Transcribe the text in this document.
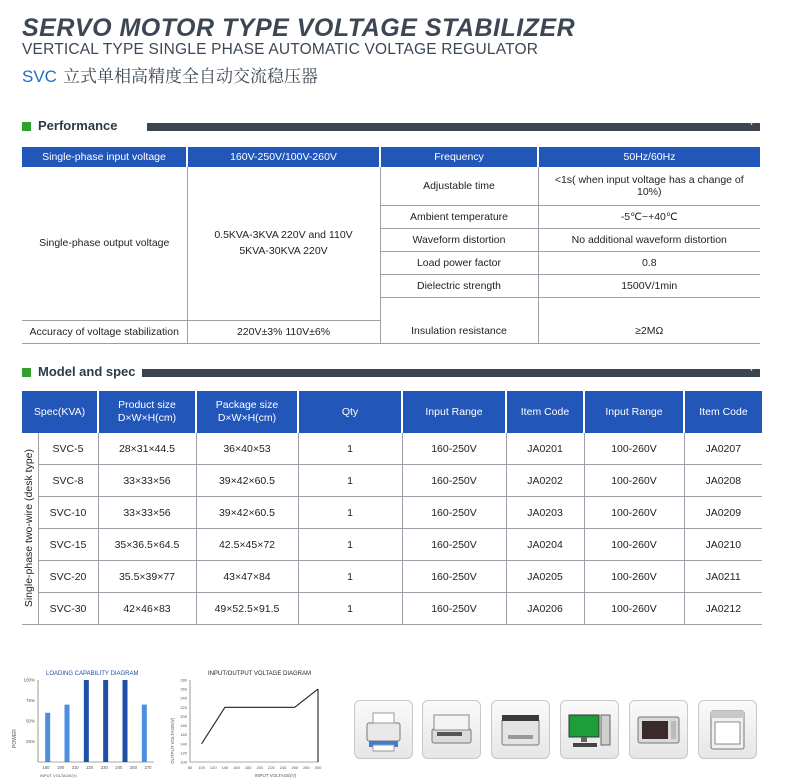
SERVO MOTOR TYPE VOLTAGE STABILIZER
VERTICAL TYPE SINGLE PHASE AUTOMATIC VOLTAGE REGULATOR
SVC 立式单相高精度全自动交流稳压器
Performance	+
Single-phase input voltage	160V-250V/100V-260V	Frequency	50Hz/60Hz
Single-phase output voltage	0.5KVA-3KVA 220V and 110V
5KVA-30KVA 220V	Adjustable time	<1s( when input voltage has a change of 10%)
		Ambient temperature	-5℃~+40℃
		Waveform distortion	No additional waveform distortion
		Load power factor	0.8
		Dielectric strength	1500V/1min

Accuracy of voltage stabilization	220V±3% 110V±6%	Insulation resistance	≥2MΩ
Model and spec	+
Spec(KVA)		Product size D×W×H(cm)	Package size D×W×H(cm)	Qty	Input Range	Item Code	Input Range	Item Code

Single-phase two-wire (desk type)	SVC-5	28×31×44.5	36×40×53	1	160-250V	JA0201	100-260V	JA0207
	SVC-8	33×33×56	39×42×60.5	1	160-250V	JA0202	100-260V	JA0208
	SVC-10	33×33×56	39×42×60.5	1	160-250V	JA0203	100-260V	JA0209
	SVC-15	35×36.5×64.5	42.5×45×72	1	160-250V	JA0204	100-260V	JA0210
	SVC-20	35.5×39×77	43×47×84	1	160-250V	JA0205	100-260V	JA0211
	SVC-30	42×46×83	49×52.5×91.5	1	160-250V	JA0206	100-260V	JA0212
LOADING CAPABILITY DIAGRAM
POWER
INPUT VOLTAGE(V)
100%
75%
50%
25%
160 190 210 220 230 240 250 270
INPUT/OUTPUT VOLTAGE DIAGRAM
OUTPUT VOLTAGE(V)
INPUT VOLTAGE(V)
280
260
240
220
200
180
160
140
120
100
80 100 120 140 160 180 200 220 240 260 280 300
